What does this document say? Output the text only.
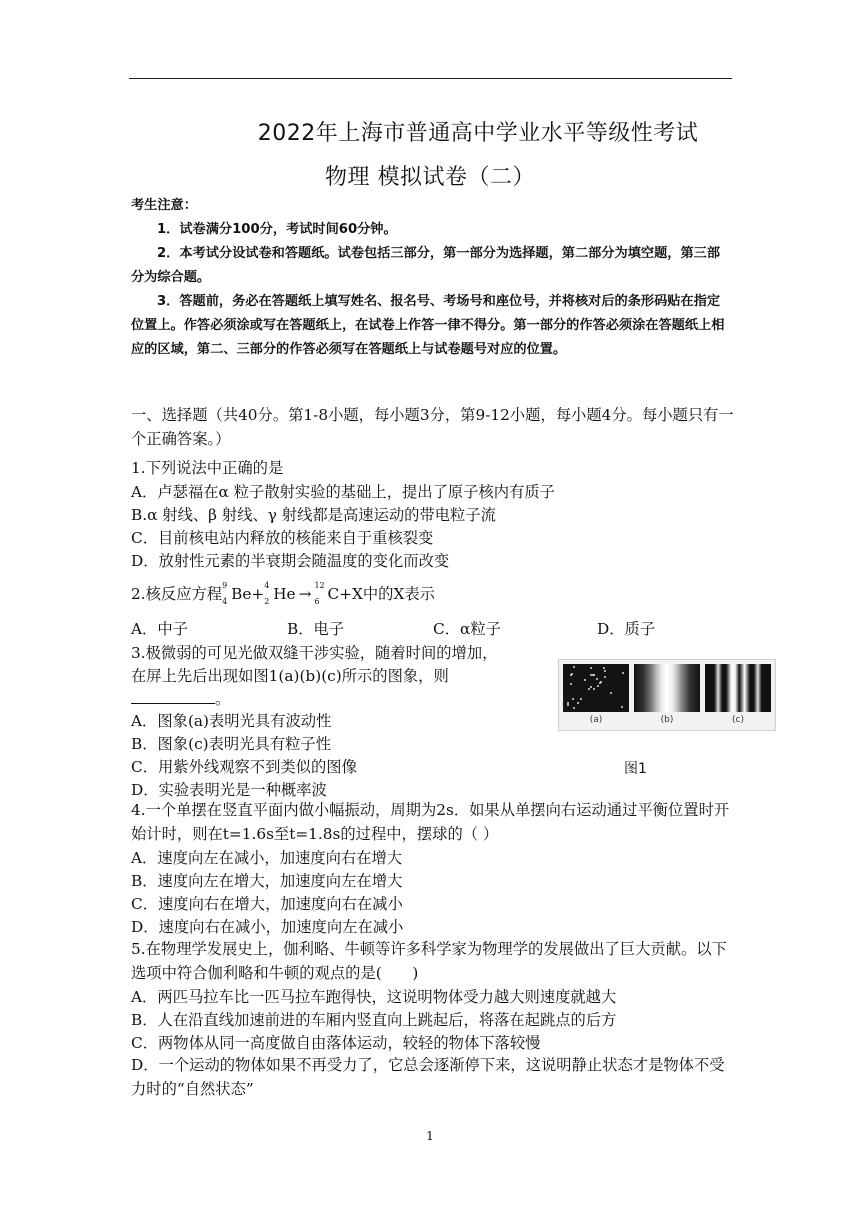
2022年上海市普通高中学业水平等级性考试
物理 模拟试卷（二）
考生注意：
1．试卷满分100分，考试时间60分钟。
2．本考试分设试卷和答题纸。试卷包括三部分，第一部分为选择题，第二部分为填空题，第三部分为综合题。
3．答题前，务必在答题纸上填写姓名、报名号、考场号和座位号，并将核对后的条形码贴在指定位置上。作答必须涂或写在答题纸上，在试卷上作答一律不得分。第一部分的作答必须涂在答题纸上相应的区域，第二、三部分的作答必须写在答题纸上与试卷题号对应的位置。
一、选择题（共40分。第1-8小题，每小题3分，第9-12小题，每小题4分。每小题只有一个正确答案。）
1.下列说法中正确的是
A．卢瑟福在α 粒子散射实验的基础上，提出了原子核内有质子
B.α 射线、β 射线、γ 射线都是高速运动的带电粒子流
C．目前核电站内释放的核能来自于重核裂变
D．放射性元素的半衰期会随温度的变化而改变
2.核反应方程 9
4 Be+ 4
2 He → 12
6 C+X中的X表示
A．中子	B．电子	C．α粒子	D．质子
3.极微弱的可见光做双缝干涉实验，随着时间的增加，
在屏上先后出现如图1(a)(b)(c)所示的图象，则
。
A．图象(a)表明光具有波动性
B．图象(c)表明光具有粒子性
C．用紫外线观察不到类似的图像
D．实验表明光是一种概率波
(a)	(b)	(c)
图1
4.一个单摆在竖直平面内做小幅振动，周期为2s．如果从单摆向右运动通过平衡位置时开始计时，则在t=1.6s至t=1.8s的过程中，摆球的（ ）
A．速度向左在减小，加速度向右在增大
B．速度向左在增大，加速度向左在增大
C．速度向右在增大，加速度向右在减小
D．速度向右在减小，加速度向左在减小
5.在物理学发展史上，伽利略、牛顿等许多科学家为物理学的发展做出了巨大贡献。以下选项中符合伽利略和牛顿的观点的是(　　)
A．两匹马拉车比一匹马拉车跑得快，这说明物体受力越大则速度就越大
B．人在沿直线加速前进的车厢内竖直向上跳起后，将落在起跳点的后方
C．两物体从同一高度做自由落体运动，较轻的物体下落较慢
D．一个运动的物体如果不再受力了，它总会逐渐停下来，这说明静止状态才是物体不受力时的“自然状态”
1
